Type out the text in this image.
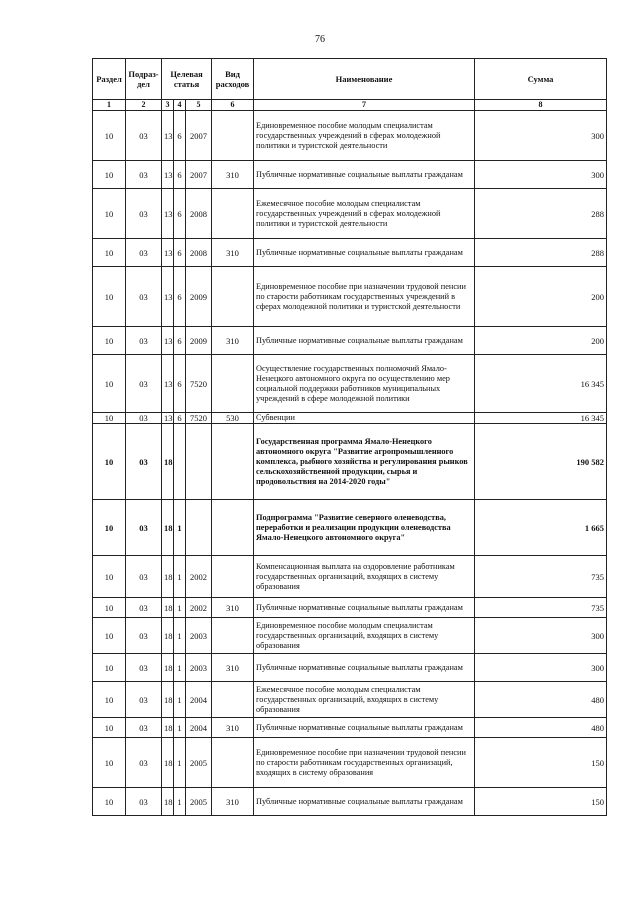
76
Раздел	Подраз-дел	Целевая статья			Вид расходов	Наименование	Сумма
1	2	3	4	5	6	7	8
10	03	13	6	2007		Единовременное пособие молодым специалистам государственных учреждений в сферах молодежной политики и туристской деятельности	300
10	03	13	6	2007	310	Публичные нормативные социальные выплаты гражданам	300
10	03	13	6	2008		Ежемесячное пособие молодым специалистам государственных учреждений в сферах молодежной политики и туристской деятельности	288
10	03	13	6	2008	310	Публичные нормативные социальные выплаты гражданам	288
10	03	13	6	2009		Единовременное пособие при назначении трудовой пенсии по старости работникам государственных учреждений в сферах молодежной политики и туристской деятельности	200
10	03	13	6	2009	310	Публичные нормативные социальные выплаты гражданам	200
10	03	13	6	7520		Осуществление государственных полномочий Ямало-Ненецкого автономного округа по осуществлению мер социальной поддержки работников муниципальных учреждений в сфере молодежной политики	16 345
10	03	13	6	7520	530	Субвенции	16 345
10	03	18				Государственная программа Ямало-Ненецкого автономного округа "Развитие агропромышленного комплекса, рыбного хозяйства и регулирования рынков сельскохозяйственной продукции, сырья и продовольствия на 2014-2020 годы"	190 582
10	03	18	1			Подпрограмма "Развитие северного оленеводства, переработки и реализации продукции оленеводства Ямало-Ненецкого автономного округа"	1 665
10	03	18	1	2002		Компенсационная выплата на оздоровление работникам государственных организаций, входящих в систему образования	735
10	03	18	1	2002	310	Публичные нормативные социальные выплаты гражданам	735
10	03	18	1	2003		Единовременное пособие молодым специалистам государственных организаций, входящих в систему образования	300
10	03	18	1	2003	310	Публичные нормативные социальные выплаты гражданам	300
10	03	18	1	2004		Ежемесячное пособие молодым специалистам государственных организаций, входящих в систему образования	480
10	03	18	1	2004	310	Публичные нормативные социальные выплаты гражданам	480
10	03	18	1	2005		Единовременное пособие при назначении трудовой пенсии по старости работникам государственных организаций, входящих в систему образования	150
10	03	18	1	2005	310	Публичные нормативные социальные выплаты гражданам	150
